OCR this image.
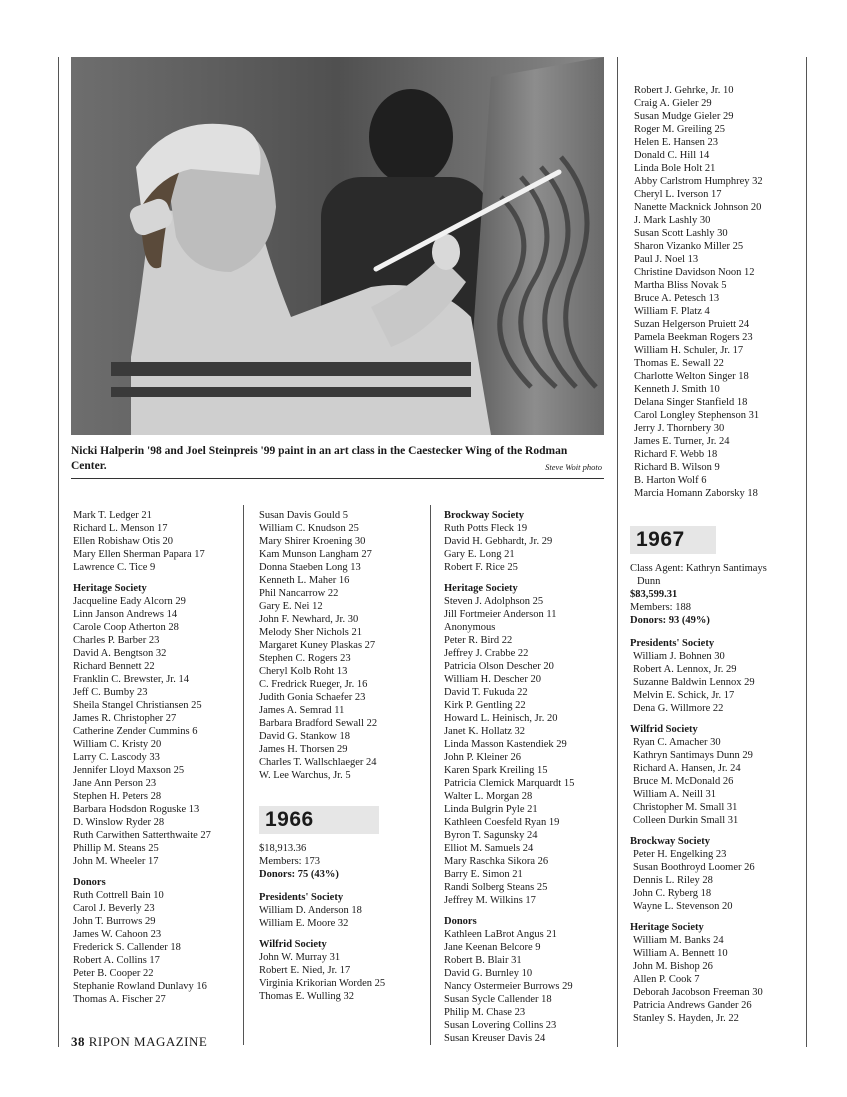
Nicki Halperin '98 and Joel Steinpreis '99 paint in an art class in the Caestecker Wing of the Rodman Center.	Steve Woit photo
Mark T. Ledger 21
Richard L. Menson 17
Ellen Robishaw Otis 20
Mary Ellen Sherman Papara 17
Lawrence C. Tice 9
Heritage Society
Jacqueline Eady Alcorn 29
Linn Janson Andrews 14
Carole Coop Atherton 28
Charles P. Barber 23
David A. Bengtson 32
Richard Bennett 22
Franklin C. Brewster, Jr. 14
Jeff C. Bumby 23
Sheila Stangel Christiansen 25
James R. Christopher 27
Catherine Zender Cummins 6
William C. Kristy 20
Larry C. Lascody 33
Jennifer Lloyd Maxson 25
Jane Ann Person 23
Stephen H. Peters 28
Barbara Hodsdon Roguske 13
D. Winslow Ryder 28
Ruth Carwithen Satterthwaite 27
Phillip M. Steans 25
John M. Wheeler 17
Donors
Ruth Cottrell Bain 10
Carol J. Beverly 23
John T. Burrows 29
James W. Cahoon 23
Frederick S. Callender 18
Robert A. Collins 17
Peter B. Cooper 22
Stephanie Rowland Dunlavy 16
Thomas A. Fischer 27
Susan Davis Gould 5
William C. Knudson 25
Mary Shirer Kroening 30
Kam Munson Langham 27
Donna Staeben Long 13
Kenneth L. Maher 16
Phil Nancarrow 22
Gary E. Nei 12
John F. Newhard, Jr. 30
Melody Sher Nichols 21
Margaret Kuney Plaskas 27
Stephen C. Rogers 23
Cheryl Kolb Roht 13
C. Fredrick Rueger, Jr. 16
Judith Gonia Schaefer 23
James A. Semrad 11
Barbara Bradford Sewall 22
David G. Stankow 18
James H. Thorsen 29
Charles T. Wallschlaeger 24
W. Lee Warchus, Jr. 5
1966
$18,913.36
Members: 173
Donors: 75 (43%)
Presidents' Society
William D. Anderson 18
William E. Moore 32
Wilfrid Society
John W. Murray 31
Robert E. Nied, Jr. 17
Virginia Krikorian Worden 25
Thomas E. Wulling 32
Brockway Society
Ruth Potts Fleck 19
David H. Gebhardt, Jr. 29
Gary E. Long 21
Robert F. Rice 25
Heritage Society
Steven J. Adolphson 25
Jill Fortmeier Anderson 11
Anonymous
Peter R. Bird 22
Jeffrey J. Crabbe 22
Patricia Olson Descher 20
William H. Descher 20
David T. Fukuda 22
Kirk P. Gentling 22
Howard L. Heinisch, Jr. 20
Janet K. Hollatz 32
Linda Masson Kastendiek 29
John P. Kleiner 26
Karen Spark Kreiling 15
Patricia Clemick Marquardt 15
Walter L. Morgan 28
Linda Bulgrin Pyle 21
Kathleen Coesfeld Ryan 19
Byron T. Sagunsky 24
Elliot M. Samuels 24
Mary Raschka Sikora 26
Barry E. Simon 21
Randi Solberg Steans 25
Jeffrey M. Wilkins 17
Donors
Kathleen LaBrot Angus 21
Jane Keenan Belcore 9
Robert B. Blair 31
David G. Burnley 10
Nancy Ostermeier Burrows 29
Susan Sycle Callender 18
Philip M. Chase 23
Susan Lovering Collins 23
Susan Kreuser Davis 24
Robert J. Gehrke, Jr. 10
Craig A. Gieler 29
Susan Mudge Gieler 29
Roger M. Greiling 25
Helen E. Hansen 23
Donald C. Hill 14
Linda Bole Holt 21
Abby Carlstrom Humphrey 32
Cheryl L. Iverson 17
Nanette Macknick Johnson 20
J. Mark Lashly 30
Susan Scott Lashly 30
Sharon Vizanko Miller 25
Paul J. Noel 13
Christine Davidson Noon 12
Martha Bliss Novak 5
Bruce A. Petesch 13
William F. Platz 4
Suzan Helgerson Pruiett 24
Pamela Beekman Rogers 23
William H. Schuler, Jr. 17
Thomas E. Sewall 22
Charlotte Welton Singer 18
Kenneth J. Smith 10
Delana Singer Stanfield 18
Carol Longley Stephenson 31
Jerry J. Thornbery 30
James E. Turner, Jr. 24
Richard F. Webb 18
Richard B. Wilson 9
B. Harton Wolf 6
Marcia Homann Zaborsky 18
1967
Class Agent: Kathryn Santimays
Dunn
$83,599.31
Members: 188
Donors: 93 (49%)
Presidents' Society
William J. Bohnen 30
Robert A. Lennox, Jr. 29
Suzanne Baldwin Lennox 29
Melvin E. Schick, Jr. 17
Dena G. Willmore 22
Wilfrid Society
Ryan C. Amacher 30
Kathryn Santimays Dunn 29
Richard A. Hansen, Jr. 24
Bruce M. McDonald 26
William A. Neill 31
Christopher M. Small 31
Colleen Durkin Small 31
Brockway Society
Peter H. Engelking 23
Susan Boothroyd Loomer 26
Dennis L. Riley 28
John C. Ryberg 18
Wayne L. Stevenson 20
Heritage Society
William M. Banks 24
William A. Bennett 10
John M. Bishop 26
Allen P. Cook 7
Deborah Jacobson Freeman 30
Patricia Andrews Gander 26
Stanley S. Hayden, Jr. 22
38 RIPON MAGAZINE
